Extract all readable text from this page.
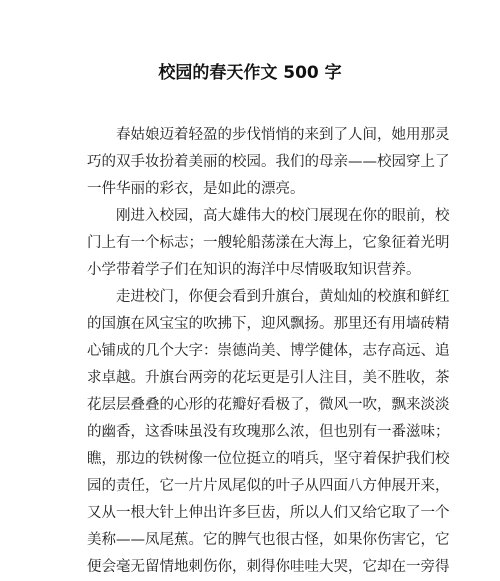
校园的春天作文 500 字

春姑娘迈着轻盈的步伐悄悄的来到了人间，她用那灵
巧的双手妆扮着美丽的校园。我们的母亲——校园穿上了
一件华丽的彩衣，是如此的漂亮。

刚进入校园，高大雄伟大的校门展现在你的眼前，校
门上有一个标志；一艘轮船荡漾在大海上，它象征着光明
小学带着学子们在知识的海洋中尽情吸取知识营养。

走进校门，你便会看到升旗台，黄灿灿的校旗和鲜红
的国旗在风宝宝的吹拂下，迎风飘扬。那里还有用墙砖精
心铺成的几个大字：崇德尚美、博学健体，志存高远、追
求卓越。升旗台两旁的花坛更是引人注目，美不胜收，茶
花层层叠叠的心形的花瓣好看极了，微风一吹，飘来淡淡
的幽香，这香味虽没有玫瑰那么浓，但也别有一番滋味；
瞧，那边的铁树像一位位挺立的哨兵，坚守着保护我们校
园的责任，它一片片凤尾似的叶子从四面八方伸展开来，
又从一根大针上伸出许多巨齿，所以人们又给它取了一个
美称——凤尾蕉。它的脾气也很古怪，如果你伤害它，它
便会毫无留情地刺伤你，刺得你哇哇大哭，它却在一旁得
